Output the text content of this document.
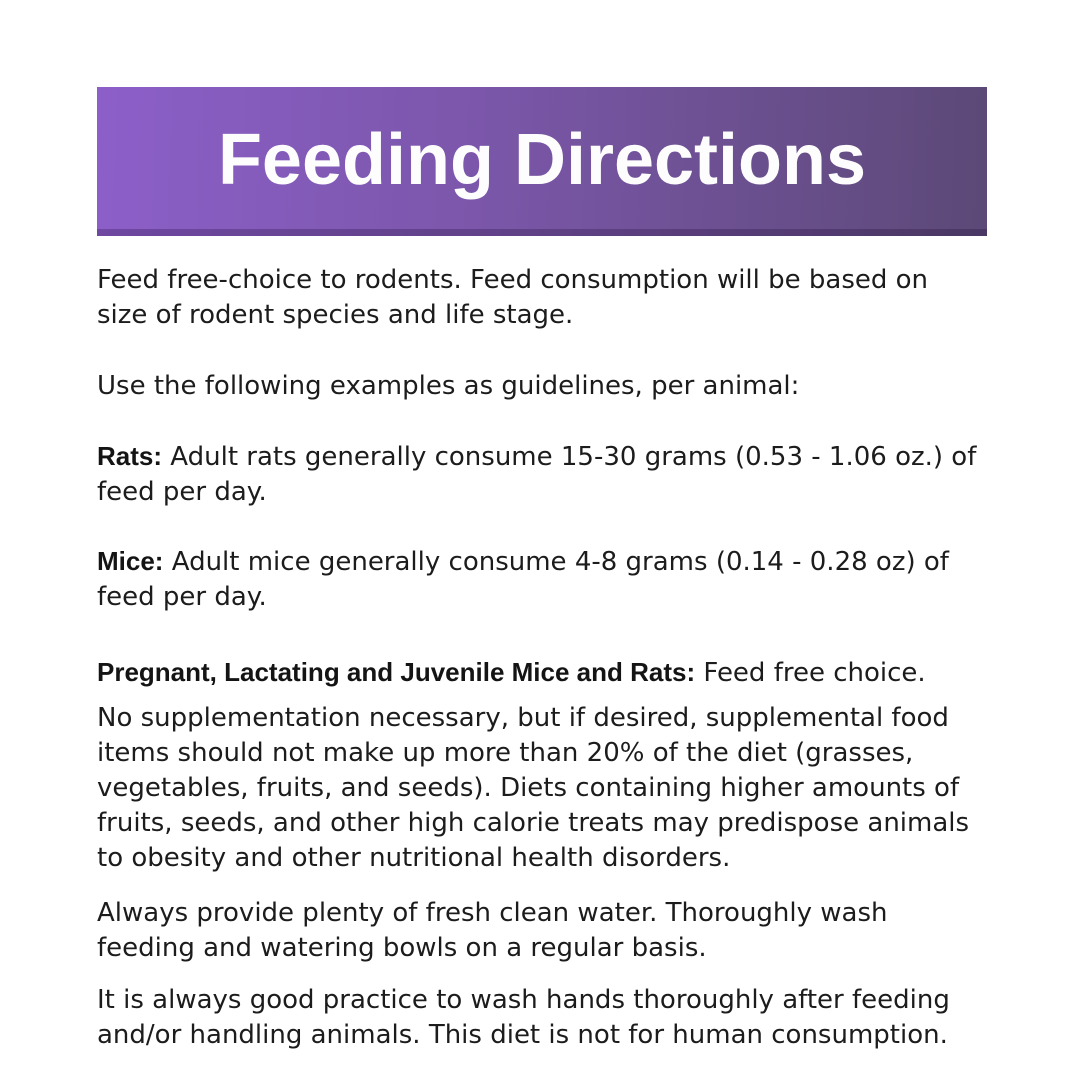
Feeding Directions

Feed free-choice to rodents. Feed consumption will be based on
size of rodent species and life stage.

Use the following examples as guidelines, per animal:

Rats: Adult rats generally consume 15-30 grams (0.53 - 1.06 oz.) of
feed per day.

Mice: Adult mice generally consume 4-8 grams (0.14 - 0.28 oz) of
feed per day.

Pregnant, Lactating and Juvenile Mice and Rats: Feed free choice.

No supplementation necessary, but if desired, supplemental food
items should not make up more than 20% of the diet (grasses,
vegetables, fruits, and seeds). Diets containing higher amounts of
fruits, seeds, and other high calorie treats may predispose animals
to obesity and other nutritional health disorders.

Always provide plenty of fresh clean water. Thoroughly wash
feeding and watering bowls on a regular basis.

It is always good practice to wash hands thoroughly after feeding
and/or handling animals. This diet is not for human consumption.
